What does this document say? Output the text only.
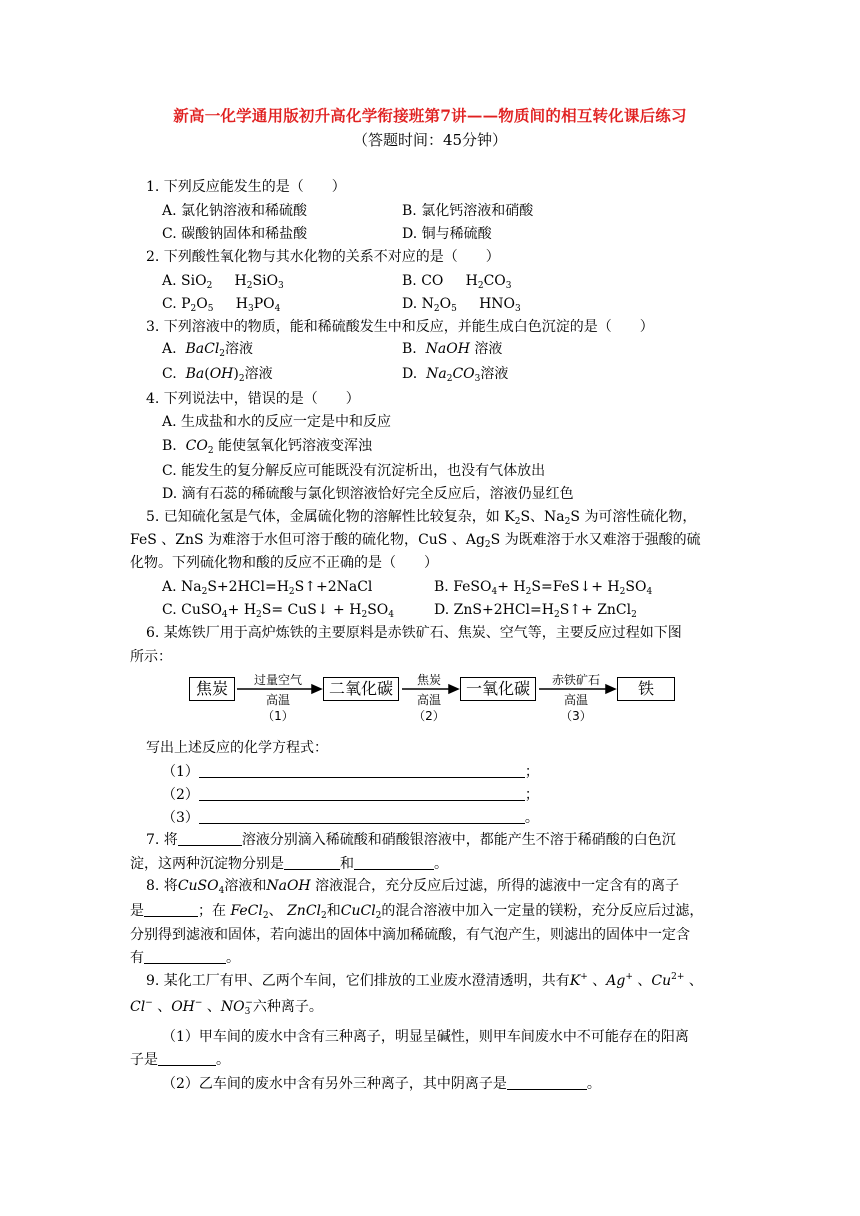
新高一化学通用版初升高化学衔接班第7讲——物质间的相互转化课后练习
（答题时间：45分钟）
1. 下列反应能发生的是（　　）
A. 氯化钠溶液和稀硫酸	B. 氯化钙溶液和硝酸
C. 碳酸钠固体和稀盐酸	D. 铜与稀硫酸
2. 下列酸性氧化物与其水化物的关系不对应的是（　　）
A. SiO$_2$     $H_2SiO_3$	B. CO     $H_2CO_3$
C. $P_2O_5$     $H_3PO_4$	D. $N_2O_5$     $HNO_3$
3. 下列溶液中的物质，能和稀硫酸发生中和反应，并能生成白色沉淀的是（　　）
A. BaCl$_2$溶液	B. NaOH 溶液
C. $Ba(OH)_2$溶液	D. $Na_2CO_3$溶液
4. 下列说法中，错误的是（　　）
A. 生成盐和水的反应一定是中和反应
B. $CO_2$ 能使氢氧化钙溶液变浑浊
C. 能发生的复分解反应可能既没有沉淀析出，也没有气体放出
D. 滴有石蕊的稀硫酸与氯化钡溶液恰好完全反应后，溶液仍显红色
5. 已知硫化氢是气体，金属硫化物的溶解性比较复杂，如 $K_2S$、$Na_2S$ 为可溶性硫化物，
FeS 、ZnS 为难溶于水但可溶于酸的硫化物，CuS 、$Ag_2S$ 为既难溶于水又难溶于强酸的硫
化物。下列硫化物和酸的反应不正确的是（　　）
A. $Na_2S+2HCl=H_2S↑+2NaCl$	B. FeSO$_4$+ $H_2S=FeS↓+ H_2SO_4$
C. CuSO$_4$+ $H_2S=$ CuS↓ + $H_2SO_4$	D. $ZnS+2HCl=H_2S↑+$ ZnCl$_2$
6. 某炼铁厂用于高炉炼铁的主要原料是赤铁矿石、焦炭、空气等，主要反应过程如下图
所示：
焦炭	二氧化碳	一氧化碳	铁
过量空气
高温
（1）
焦炭
高温
（2）
赤铁矿石
高温
（3）
写出上述反应的化学方程式：
（1）	；
（2）	；
（3）	。
7. 将	溶液分别滴入稀硫酸和硝酸银溶液中，都能产生不溶于稀硝酸的白色沉
淀，这两种沉淀物分别是	和	。
8. 将CuSO$_4$溶液和NaOH 溶液混合，充分反应后过滤，所得的滤液中一定含有的离子
是	；在 FeCl$_2$、 ZnCl$_2$和CuCl$_2$的混合溶液中加入一定量的镁粉，充分反应后过滤，
分别得到滤液和固体，若向滤出的固体中滴加稀硫酸，有气泡产生，则滤出的固体中一定含
有	。
9. 某化工厂有甲、乙两个车间，它们排放的工业废水澄清透明，共有K+ 、Ag+ 、$Cu^{2+}$ 、
Cl− 、OH− 、$NO_3^-$六种离子。
（1）甲车间的废水中含有三种离子，明显呈碱性，则甲车间废水中不可能存在的阳离
子是	。
（2）乙车间的废水中含有另外三种离子，其中阴离子是	。
